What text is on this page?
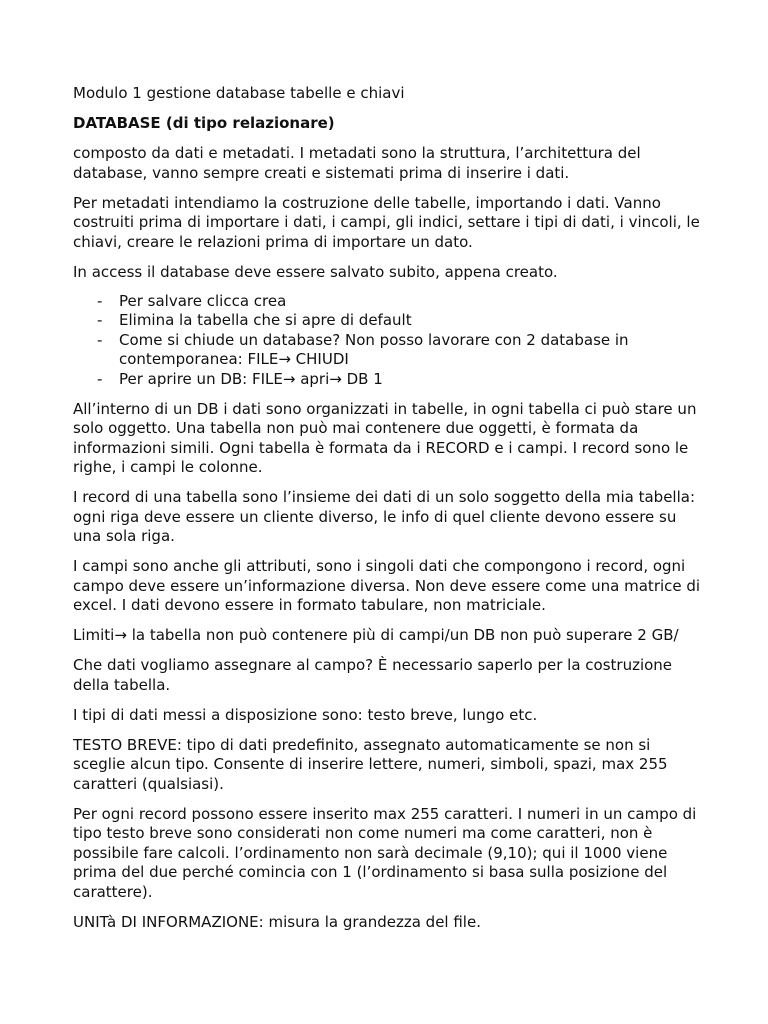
Modulo 1 gestione database tabelle e chiavi

DATABASE (di tipo relazionare)

composto da dati e metadati. I metadati sono la struttura, l’architettura del database, vanno sempre creati e sistemati prima di inserire i dati.

Per metadati intendiamo la costruzione delle tabelle, importando i dati. Vanno costruiti prima di importare i dati, i campi, gli indici, settare i tipi di dati, i vincoli, le chiavi, creare le relazioni prima di importare un dato.

In access il database deve essere salvato subito, appena creato.

- Per salvare clicca crea
- Elimina la tabella che si apre di default
- Come si chiude un database? Non posso lavorare con 2 database in contemporanea: FILE→ CHIUDI
- Per aprire un DB: FILE→ apri→ DB 1

All’interno di un DB i dati sono organizzati in tabelle, in ogni tabella ci può stare un solo oggetto. Una tabella non può mai contenere due oggetti, è formata da informazioni simili. Ogni tabella è formata da i RECORD e i campi. I record sono le righe, i campi le colonne.

I record di una tabella sono l’insieme dei dati di un solo soggetto della mia tabella: ogni riga deve essere un cliente diverso, le info di quel cliente devono essere su una sola riga.

I campi sono anche gli attributi, sono i singoli dati che compongono i record, ogni campo deve essere un’informazione diversa. Non deve essere come una matrice di excel. I dati devono essere in formato tabulare, non matriciale.

Limiti→ la tabella non può contenere più di campi/un DB non può superare 2 GB/

Che dati vogliamo assegnare al campo? È necessario saperlo per la costruzione della tabella.

I tipi di dati messi a disposizione sono: testo breve, lungo etc.

TESTO BREVE: tipo di dati predefinito, assegnato automaticamente se non si sceglie alcun tipo. Consente di inserire lettere, numeri, simboli, spazi, max 255 caratteri (qualsiasi).

Per ogni record possono essere inserito max 255 caratteri. I numeri in un campo di tipo testo breve sono considerati non come numeri ma come caratteri, non è possibile fare calcoli. l’ordinamento non sarà decimale (9,10); qui il 1000 viene prima del due perché comincia con 1 (l’ordinamento si basa sulla posizione del carattere).

UNITà DI INFORMAZIONE: misura la grandezza del file.
